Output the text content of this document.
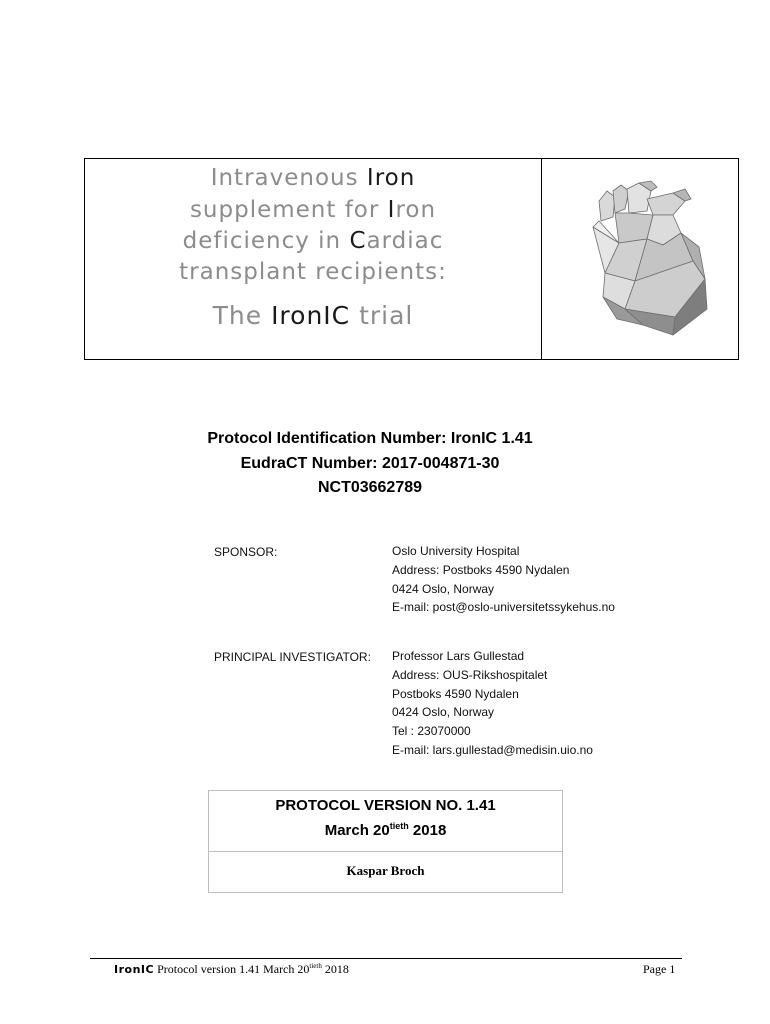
Intravenous Iron
supplement for Iron
deficiency in Cardiac
transplant recipients:
The IronIC trial
Protocol Identification Number: IronIC 1.41
EudraCT Number: 2017-004871-30
NCT03662789
SPONSOR:	Oslo University Hospital
Address: Postboks 4590 Nydalen
0424 Oslo, Norway
E-mail: post@oslo-universitetssykehus.no
PRINCIPAL INVESTIGATOR: Professor Lars Gullestad
Address: OUS-Rikshospitalet
Postboks 4590 Nydalen
0424 Oslo, Norway
Tel : 23070000
E-mail: lars.gullestad@medisin.uio.no
PROTOCOL VERSION NO. 1.41
March $20^{tieth}$ 2018
Kaspar Broch
IronIC Protocol version 1.41 March $20^{tieth}$ 2018	Page 1
